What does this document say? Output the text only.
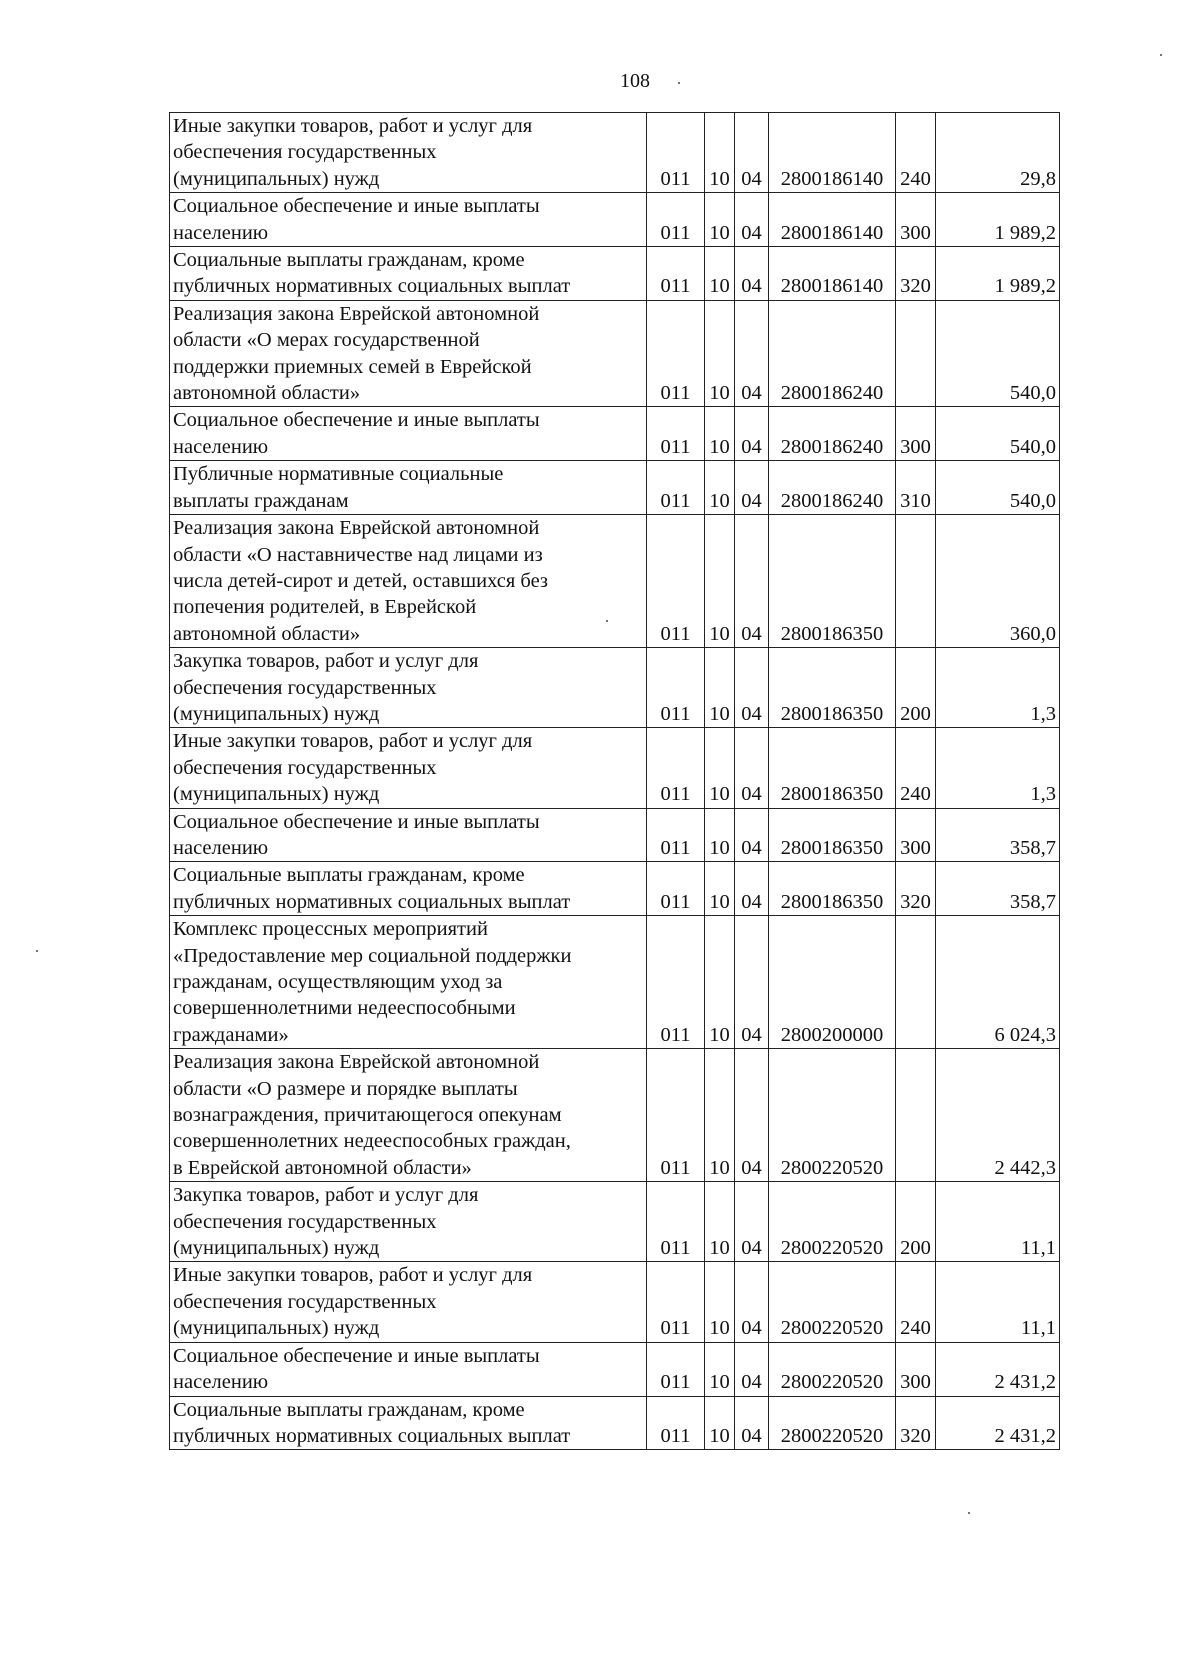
108
Иные закупки товаров, работ и услуг для
обеспечения государственных
(муниципальных) нужд	011	10	04	2800186140	240	29,8
Социальное обеспечение и иные выплаты
населению	011	10	04	2800186140	300	1 989,2
Социальные выплаты гражданам, кроме
публичных нормативных социальных выплат	011	10	04	2800186140	320	1 989,2
Реализация закона Еврейской автономной
области «О мерах государственной
поддержки приемных семей в Еврейской
автономной области»	011	10	04	2800186240		540,0
Социальное обеспечение и иные выплаты
населению	011	10	04	2800186240	300	540,0
Публичные нормативные социальные
выплаты гражданам	011	10	04	2800186240	310	540,0
Реализация закона Еврейской автономной
области «О наставничестве над лицами из
числа детей-сирот и детей, оставшихся без
попечения родителей, в Еврейской
автономной области»	011	10	04	2800186350		360,0
Закупка товаров, работ и услуг для
обеспечения государственных
(муниципальных) нужд	011	10	04	2800186350	200	1,3
Иные закупки товаров, работ и услуг для
обеспечения государственных
(муниципальных) нужд	011	10	04	2800186350	240	1,3
Социальное обеспечение и иные выплаты
населению	011	10	04	2800186350	300	358,7
Социальные выплаты гражданам, кроме
публичных нормативных социальных выплат	011	10	04	2800186350	320	358,7
Комплекс процессных мероприятий
«Предоставление мер социальной поддержки
гражданам, осуществляющим уход за
совершеннолетними недееспособными
гражданами»	011	10	04	2800200000		6 024,3
Реализация закона Еврейской автономной
области «О размере и порядке выплаты
вознаграждения, причитающегося опекунам
совершеннолетних недееспособных граждан,
в Еврейской автономной области»	011	10	04	2800220520		2 442,3
Закупка товаров, работ и услуг для
обеспечения государственных
(муниципальных) нужд	011	10	04	2800220520	200	11,1
Иные закупки товаров, работ и услуг для
обеспечения государственных
(муниципальных) нужд	011	10	04	2800220520	240	11,1
Социальное обеспечение и иные выплаты
населению	011	10	04	2800220520	300	2 431,2
Социальные выплаты гражданам, кроме
публичных нормативных социальных выплат	011	10	04	2800220520	320	2 431,2
